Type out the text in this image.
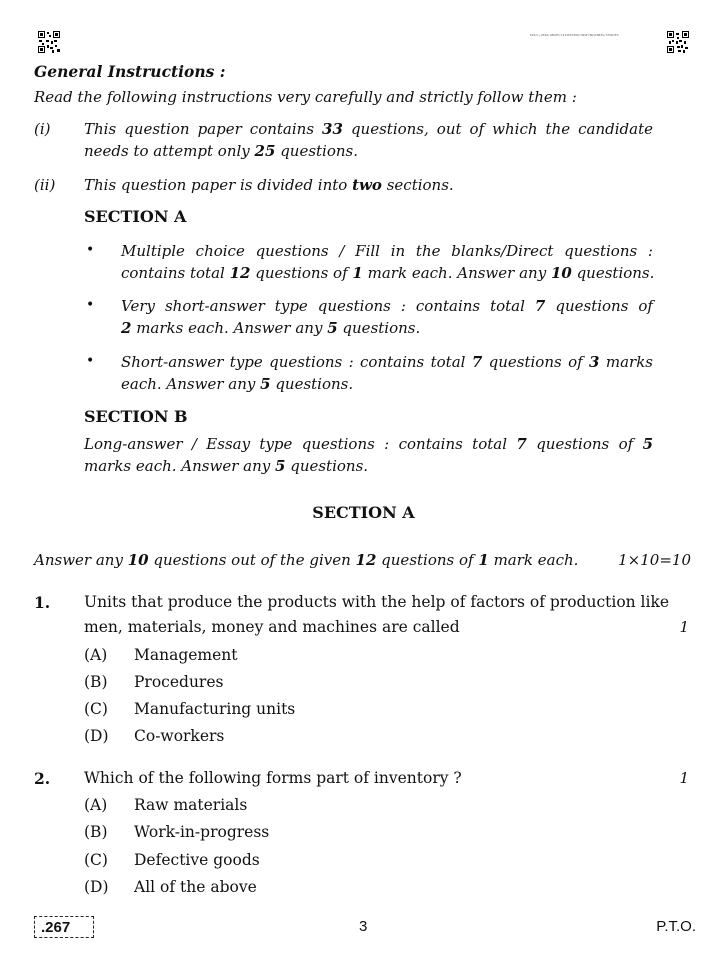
E26/L/2020/ABCDE/1234567890/CBSE/BUSINESS/STUDIES
General Instructions :
Read the following instructions very carefully and strictly follow them :
(i) This question paper contains 33 questions, out of which the candidate
needs to attempt only 25 questions.
(ii) This question paper is divided into two sections.
SECTION A
• Multiple choice questions / Fill in the blanks/Direct questions :
contains total 12 questions of 1 mark each. Answer any 10 questions.
• Very short-answer type questions : contains total 7 questions of
2 marks each. Answer any 5 questions.
• Short-answer type questions : contains total 7 questions of 3 marks
each. Answer any 5 questions.
SECTION B
Long-answer / Essay type questions : contains total 7 questions of 5
marks each. Answer any 5 questions.
SECTION A
Answer any 10 questions out of the given 12 questions of 1 mark each.	1×10=10
1. Units that produce the products with the help of factors of production like
men, materials, money and machines are called	1
(A) Management
(B) Procedures
(C) Manufacturing units
(D) Co-workers
2. Which of the following forms part of inventory ?	1
(A) Raw materials
(B) Work-in-progress
(C) Defective goods
(D) All of the above
.267	3	P.T.O.
